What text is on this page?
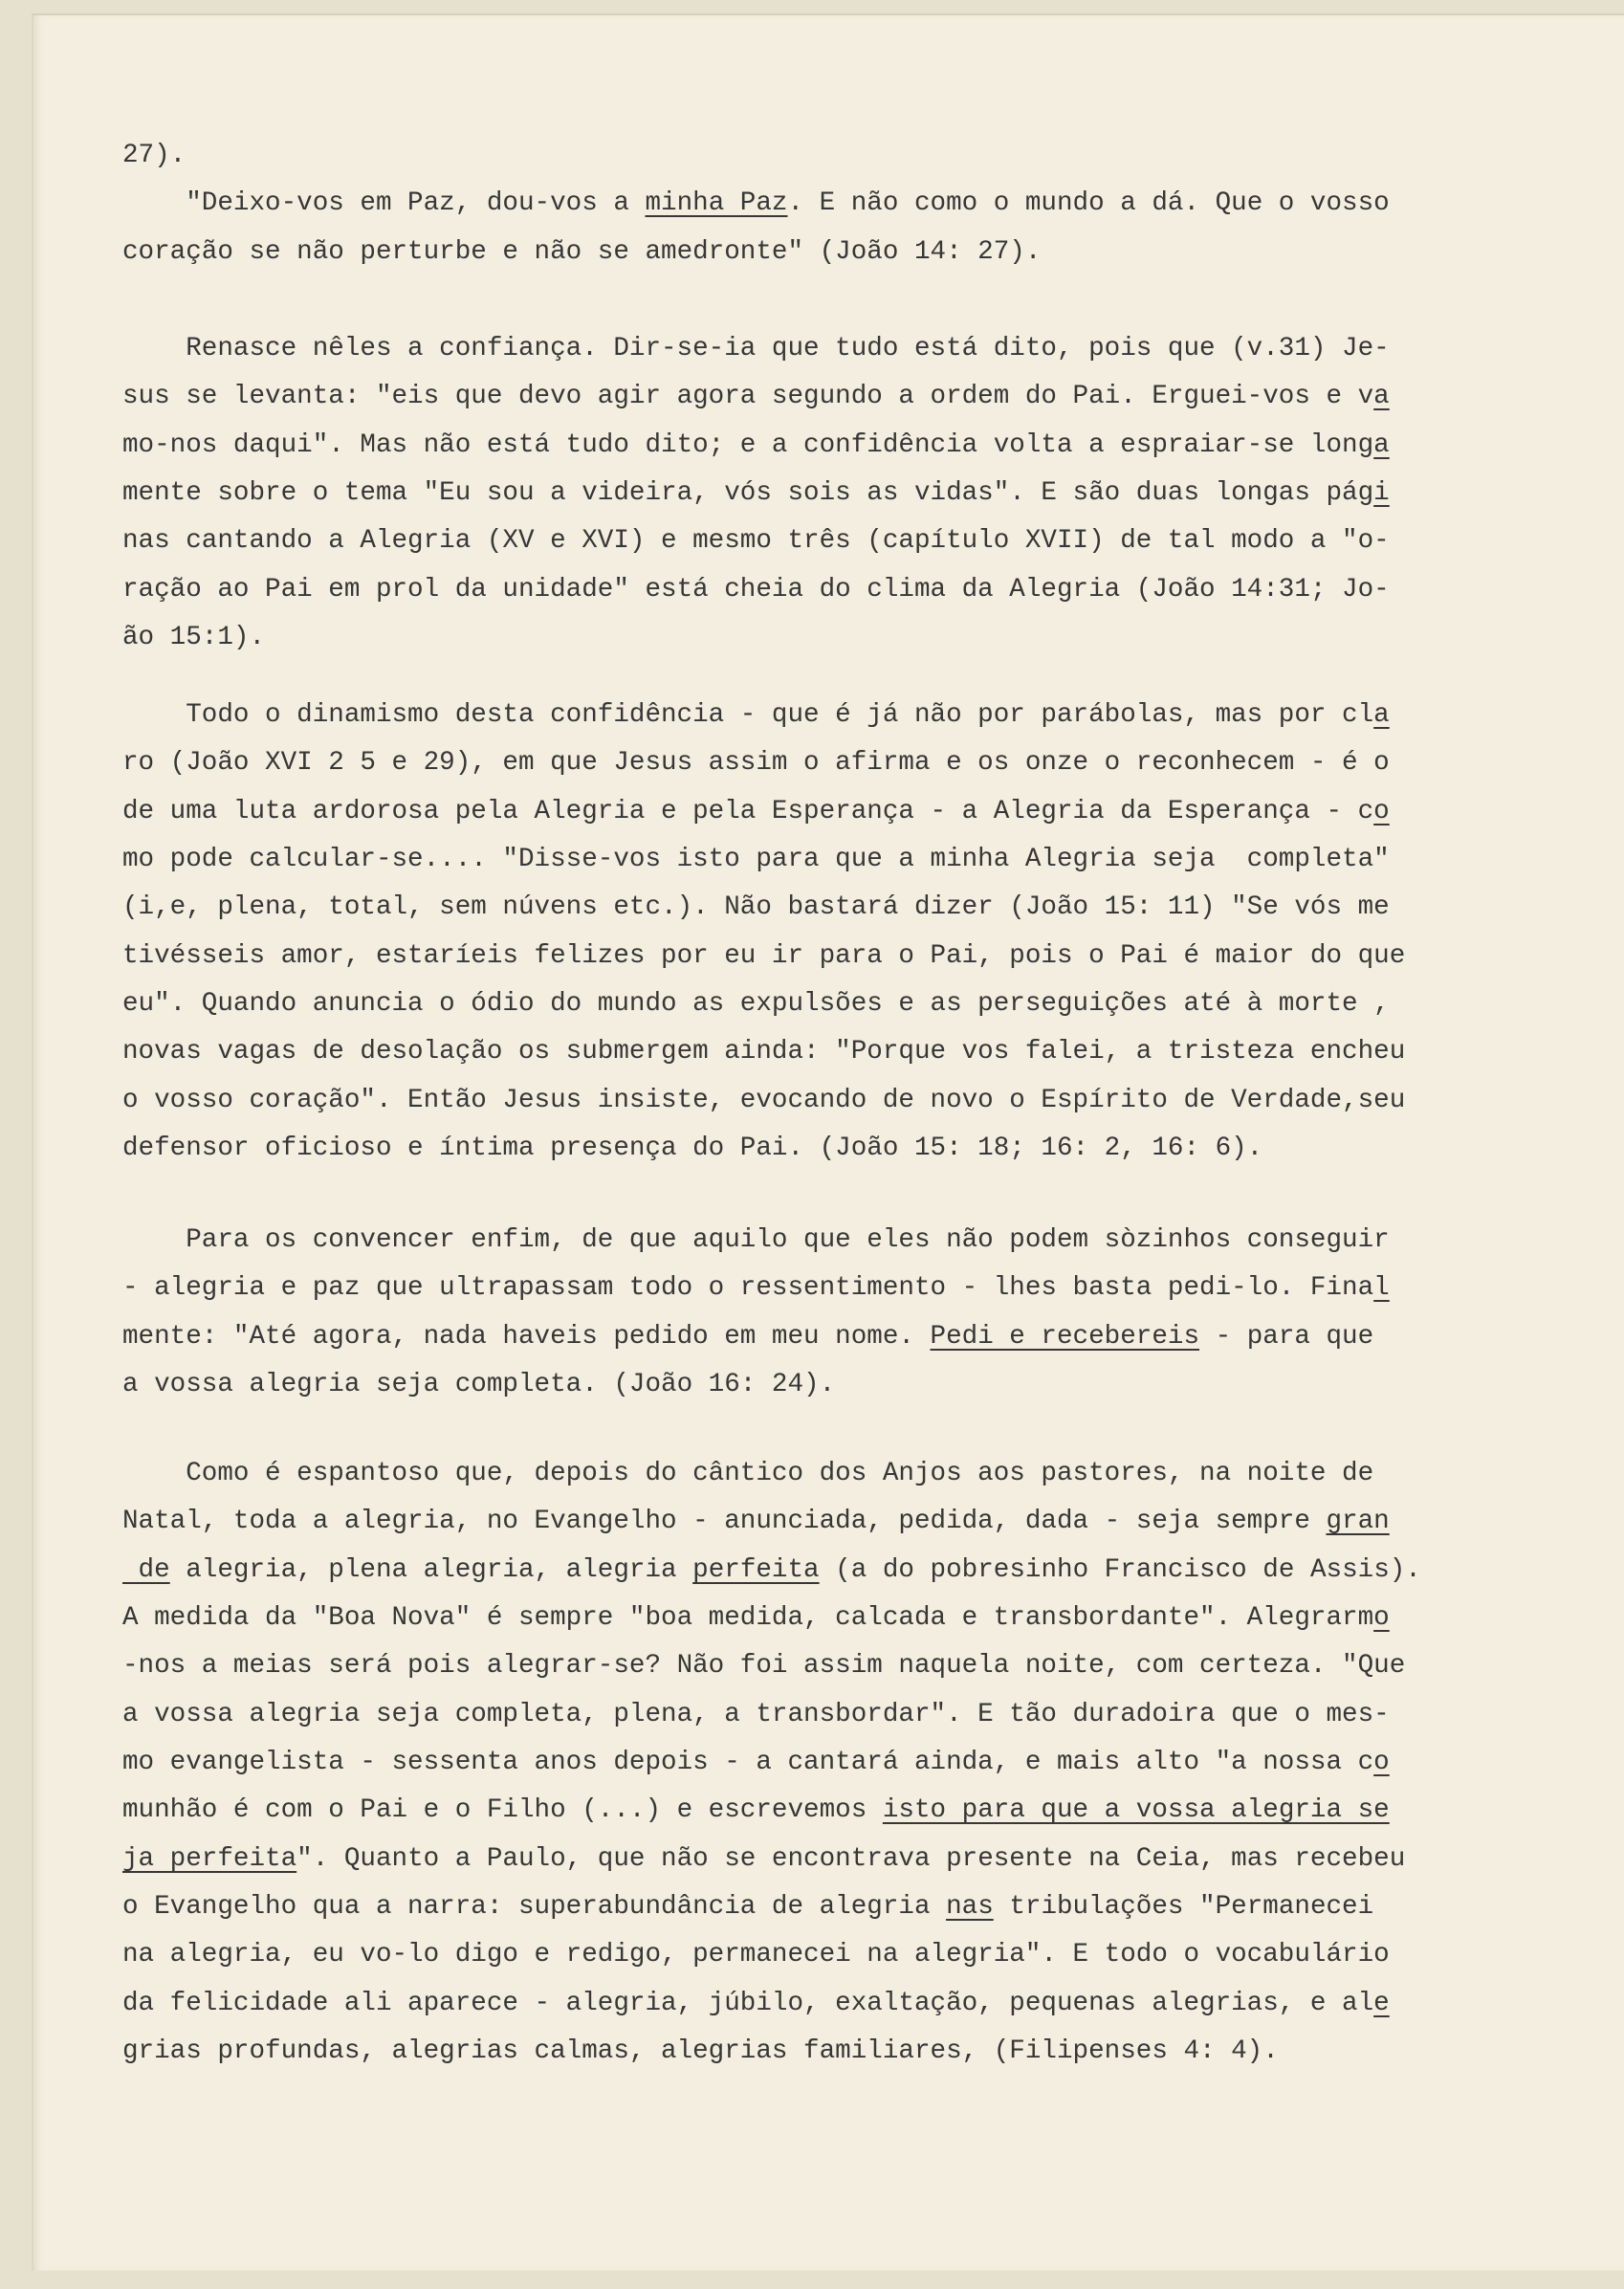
27).
"Deixo-vos em Paz, dou-vos a minha Paz. E não como o mundo a dá. Que o vosso
coração se não perturbe e não se amedronte" (João 14: 27).
Renasce nêles a confiança. Dir-se-ia que tudo está dito, pois que (v.31) Je-
sus se levanta: "eis que devo agir agora segundo a ordem do Pai. Erguei-vos e va
mo-nos daqui". Mas não está tudo dito; e a confidência volta a espraiar-se longa
mente sobre o tema "Eu sou a videira, vós sois as vidas". E são duas longas pági
nas cantando a Alegria (XV e XVI) e mesmo três (capítulo XVII) de tal modo a "o-
ração ao Pai em prol da unidade" está cheia do clima da Alegria (João 14:31; Jo-
ão 15:1).
Todo o dinamismo desta confidência - que é já não por parábolas, mas por cla
ro (João XVI 2 5 e 29), em que Jesus assim o afirma e os onze o reconhecem - é o
de uma luta ardorosa pela Alegria e pela Esperança - a Alegria da Esperança - co
mo pode calcular-se.... "Disse-vos isto para que a minha Alegria seja  completa"
(i,e, plena, total, sem núvens etc.). Não bastará dizer (João 15: 11) "Se vós me
tivésseis amor, estaríeis felizes por eu ir para o Pai, pois o Pai é maior do que
eu". Quando anuncia o ódio do mundo as expulsões e as perseguições até à morte ,
novas vagas de desolação os submergem ainda: "Porque vos falei, a tristeza encheu
o vosso coração". Então Jesus insiste, evocando de novo o Espírito de Verdade,seu
defensor oficioso e íntima presença do Pai. (João 15: 18; 16: 2, 16: 6).
Para os convencer enfim, de que aquilo que eles não podem sòzinhos conseguir
- alegria e paz que ultrapassam todo o ressentimento - lhes basta pedi-lo. Final
mente: "Até agora, nada haveis pedido em meu nome. Pedi e recebereis - para que
a vossa alegria seja completa. (João 16: 24).
Como é espantoso que, depois do cântico dos Anjos aos pastores, na noite de
Natal, toda a alegria, no Evangelho - anunciada, pedida, dada - seja sempre gran
de alegria, plena alegria, alegria perfeita (a do pobresinho Francisco de Assis).
A medida da "Boa Nova" é sempre "boa medida, calcada e transbordante". Alegrarmo
-nos a meias será pois alegrar-se? Não foi assim naquela noite, com certeza. "Que
a vossa alegria seja completa, plena, a transbordar". E tão duradoira que o mes-
mo evangelista - sessenta anos depois - a cantará ainda, e mais alto "a nossa co
munhão é com o Pai e o Filho (...) e escrevemos isto para que a vossa alegria se
ja perfeita". Quanto a Paulo, que não se encontrava presente na Ceia, mas recebeu
o Evangelho qua a narra: superabundância de alegria nas tribulações "Permanecei
na alegria, eu vo-lo digo e redigo, permanecei na alegria". E todo o vocabulário
da felicidade ali aparece - alegria, júbilo, exaltação, pequenas alegrias, e ale
grias profundas, alegrias calmas, alegrias familiares, (Filipenses 4: 4).
